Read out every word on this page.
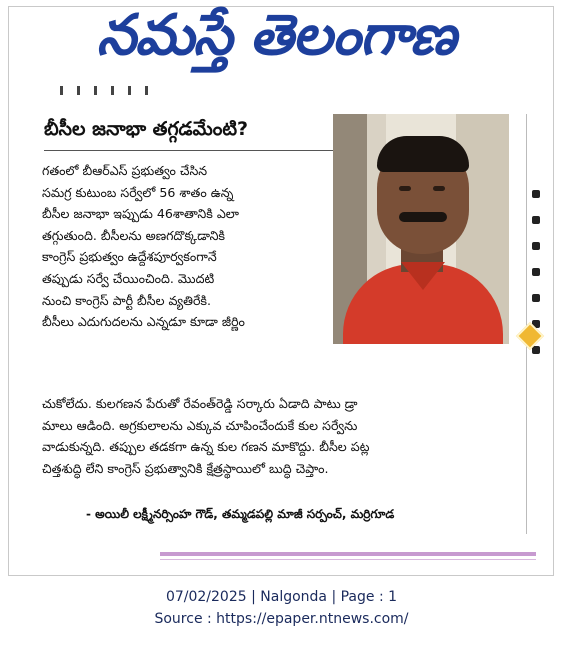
నమస్తే తెలంగాణ
బీసీల జనాభా తగ్గడమేంటి?
గతంలో బీఆర్ఎస్ ప్రభుత్వం చేసిన
సమగ్ర కుటుంబ సర్వేలో 56 శాతం ఉన్న
బీసీల జనాభా ఇప్పుడు 46శాతానికి ఎలా
తగ్గుతుంది. బీసీలను అణగదొక్కడానికి
కాంగ్రెస్ ప్రభుత్వం ఉద్దేశపూర్వకంగానే
తప్పుడు సర్వే చేయించింది. మొదటి
నుంచి కాంగ్రెస్ పార్టీ బీసీల వ్యతిరేకి.
బీసీలు ఎదుగుదలను ఎన్నడూ కూడా జీర్ణిం
చుకోలేదు. కులగణన పేరుతో రేవంత్‌రెడ్డి సర్కారు ఏడాది పాటు డ్రా
మాలు ఆడింది. అగ్రకులాలను ఎక్కువ చూపించేందుకే కుల సర్వేను
వాడుకున్నది. తప్పుల తడకగా ఉన్న కుల గణన మాకొద్దు. బీసీల పట్ల
చిత్తశుద్ధి లేని కాంగ్రెస్ ప్రభుత్వానికి క్షేత్రస్థాయిలో బుద్ధి చెప్తాం.
- అయిలీ లక్ష్మీనర్సింహ గౌడ్, తమ్మడపల్లి మాజీ సర్పంచ్, మర్రిగూడ
07/02/2025 | Nalgonda | Page : 1
Source : https://epaper.ntnews.com/
